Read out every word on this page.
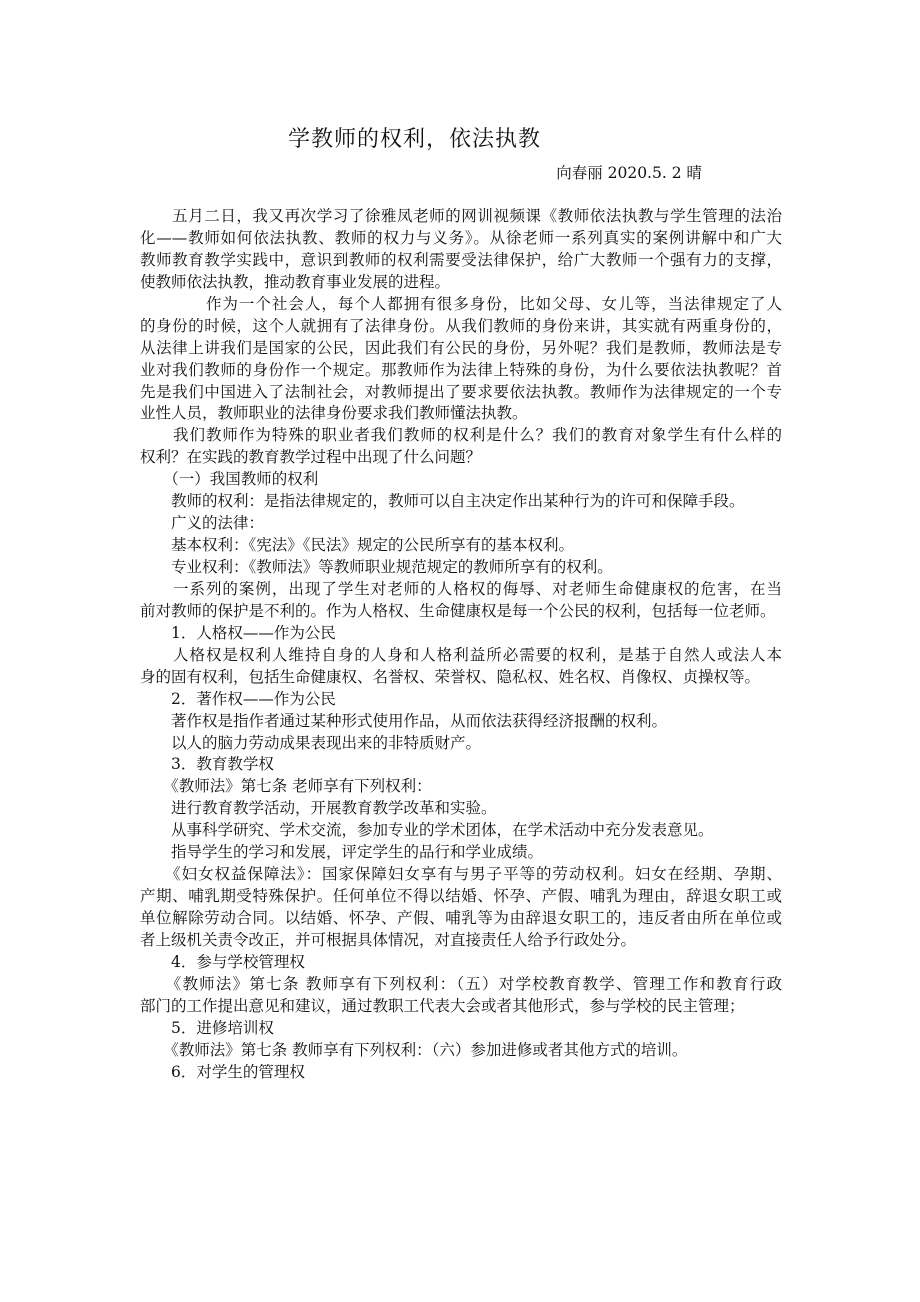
学教师的权利，依法执教
向春丽 2020.5. 2 晴
　　五月二日，我又再次学习了徐雅凤老师的网训视频课《教师依法执教与学生管理的法治
化——教师如何依法执教、教师的权力与义务》。从徐老师一系列真实的案例讲解中和广大
教师教育教学实践中，意识到教师的权利需要受法律保护，给广大教师一个强有力的支撑，
使教师依法执教，推动教育事业发展的进程。
　　　　作为一个社会人，每个人都拥有很多身份，比如父母、女儿等，当法律规定了人
的身份的时候，这个人就拥有了法律身份。从我们教师的身份来讲，其实就有两重身份的，
从法律上讲我们是国家的公民，因此我们有公民的身份，另外呢？我们是教师，教师法是专
业对我们教师的身份作一个规定。那教师作为法律上特殊的身份，为什么要依法执教呢？首
先是我们中国进入了法制社会，对教师提出了要求要依法执教。教师作为法律规定的一个专
业性人员，教师职业的法律身份要求我们教师懂法执教。
　　我们教师作为特殊的职业者我们教师的权利是什么？我们的教育对象学生有什么样的
权利？在实践的教育教学过程中出现了什么问题？
　　（一）我国教师的权利
　　教师的权利：是指法律规定的，教师可以自主决定作出某种行为的许可和保障手段。
　　广义的法律：
　　基本权利：《宪法》《民法》规定的公民所享有的基本权利。
　　专业权利：《教师法》等教师职业规范规定的教师所享有的权利。
　　一系列的案例，出现了学生对老师的人格权的侮辱、对老师生命健康权的危害，在当
前对教师的保护是不利的。作为人格权、生命健康权是每一个公民的权利，包括每一位老师。
　　1．人格权——作为公民
　　人格权是权利人维持自身的人身和人格利益所必需要的权利，是基于自然人或法人本
身的固有权利，包括生命健康权、名誉权、荣誉权、隐私权、姓名权、肖像权、贞操权等。
　　2．著作权——作为公民
　　著作权是指作者通过某种形式使用作品，从而依法获得经济报酬的权利。
　　以人的脑力劳动成果表现出来的非特质财产。
　　3．教育教学权
　　《教师法》第七条 老师享有下列权利：
　　进行教育教学活动，开展教育教学改革和实验。
　　从事科学研究、学术交流，参加专业的学术团体，在学术活动中充分发表意见。
　　指导学生的学习和发展，评定学生的品行和学业成绩。
　　《妇女权益保障法》：国家保障妇女享有与男子平等的劳动权利。妇女在经期、孕期、
产期、哺乳期受特殊保护。任何单位不得以结婚、怀孕、产假、哺乳为理由，辞退女职工或
单位解除劳动合同。以结婚、怀孕、产假、哺乳等为由辞退女职工的，违反者由所在单位或
者上级机关责令改正，并可根据具体情况，对直接责任人给予行政处分。
　　4．参与学校管理权
　　《教师法》第七条 教师享有下列权利：（五）对学校教育教学、管理工作和教育行政
部门的工作提出意见和建议，通过教职工代表大会或者其他形式，参与学校的民主管理；
　　5．进修培训权
　　《教师法》第七条 教师享有下列权利：（六）参加进修或者其他方式的培训。
　　6．对学生的管理权
